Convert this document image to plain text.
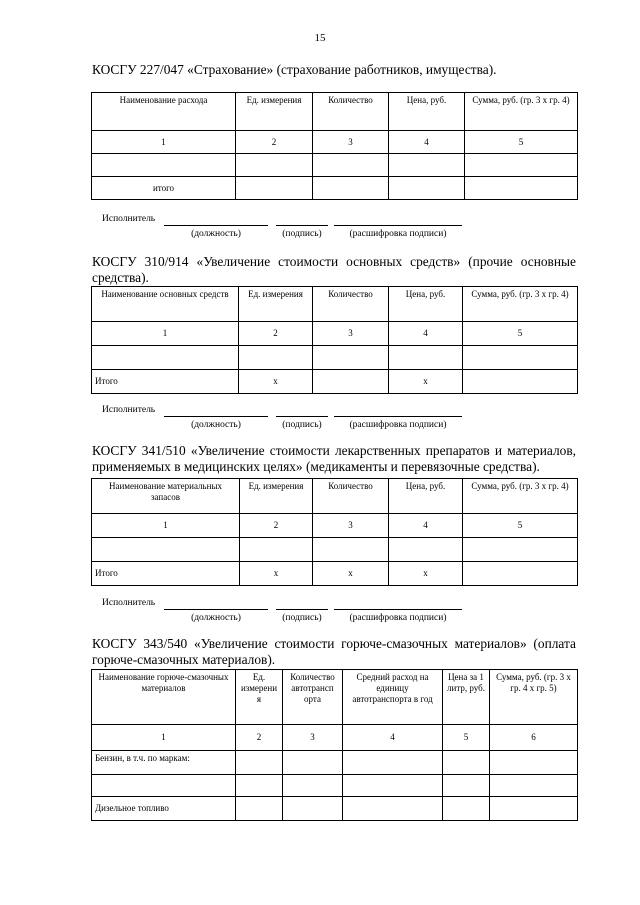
15

КОСГУ 227/047 «Страхование» (страхование работников, имущества).

Наименование расхода	Ед. измерения	Количество	Цена, руб.	Сумма, руб. (гр. 3 х гр. 4)
1	2	3	4	5

итого				
Исполнитель
(должность)	(подпись)	(расшифровка подписи)

КОСГУ 310/914 «Увеличение стоимости основных средств» (прочие основные средства).

Наименование основных средств	Ед. измерения	Количество	Цена, руб.	Сумма, руб. (гр. 3 х гр. 4)
1	2	3	4	5

Итого	х		х	
Исполнитель
(должность)	(подпись)	(расшифровка подписи)

КОСГУ 341/510 «Увеличение стоимости лекарственных препаратов и материалов, применяемых в медицинских целях» (медикаменты и перевязочные средства).

Наименование материальных запасов	Ед. измерения	Количество	Цена, руб.	Сумма, руб. (гр. 3 х гр. 4)
1	2	3	4	5

Итого	х	х	х	
Исполнитель
(должность)	(подпись)	(расшифровка подписи)

КОСГУ 343/540 «Увеличение стоимости горюче-смазочных материалов» (оплата горюче-смазочных материалов).

Наименование горюче-смазочных материалов	Ед. измерени я	Количество автотрансп орта	Средний расход на единицу автотранспорта в год	Цена за 1 литр, руб.	Сумма, руб. (гр. 3 х гр. 4 х гр. 5)
1	2	3	4	5	6
Бензин, в т.ч. по маркам:					

Дизельное топливо					
